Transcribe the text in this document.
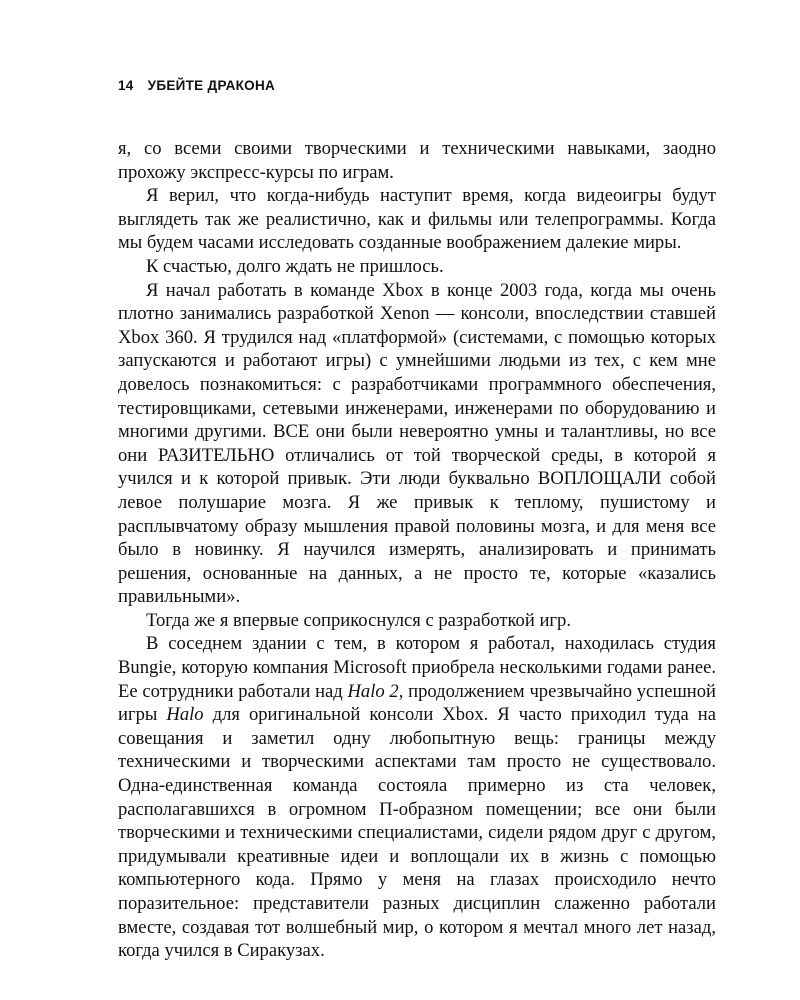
14 УБЕЙТЕ ДРАКОНА

я, со всеми своими творческими и техническими навыками, заодно прохожу экспресс-курсы по играм.

Я верил, что когда-нибудь наступит время, когда видеоигры будут выглядеть так же реалистично, как и фильмы или телепрограммы. Когда мы будем часами исследовать созданные воображением далекие миры.

К счастью, долго ждать не пришлось.

Я начал работать в команде Xbox в конце 2003 года, когда мы очень плотно занимались разработкой Xenon — консоли, впоследствии ставшей Xbox 360. Я трудился над «платформой» (системами, с помощью которых запускаются и работают игры) с умнейшими людьми из тех, с кем мне довелось познакомиться: с разработчиками программного обеспечения, тестировщиками, сетевыми инженерами, инженерами по оборудованию и многими другими. ВСЕ они были невероятно умны и талантливы, но все они РАЗИТЕЛЬНО отличались от той творческой среды, в которой я учился и к которой привык. Эти люди буквально ВОПЛОЩАЛИ собой левое полушарие мозга. Я же привык к теплому, пушистому и расплывчатому образу мышления правой половины мозга, и для меня все было в новинку. Я научился измерять, анализировать и принимать решения, основанные на данных, а не просто те, которые «казались правильными».

Тогда же я впервые соприкоснулся с разработкой игр.

В соседнем здании с тем, в котором я работал, находилась студия Bungie, которую компания Microsoft приобрела несколькими годами ранее. Ее сотрудники работали над Halo 2, продолжением чрезвычайно успешной игры Halo для оригинальной консоли Xbox. Я часто приходил туда на совещания и заметил одну любопытную вещь: границы между техническими и творческими аспектами там просто не существовало. Одна-единственная команда состояла примерно из ста человек, располагавшихся в огромном П-образном помещении; все они были творческими и техническими специалистами, сидели рядом друг с другом, придумывали креативные идеи и воплощали их в жизнь с помощью компьютерного кода. Прямо у меня на глазах происходило нечто поразительное: представители разных дисциплин слаженно работали вместе, создавая тот волшебный мир, о котором я мечтал много лет назад, когда учился в Сиракузах.
